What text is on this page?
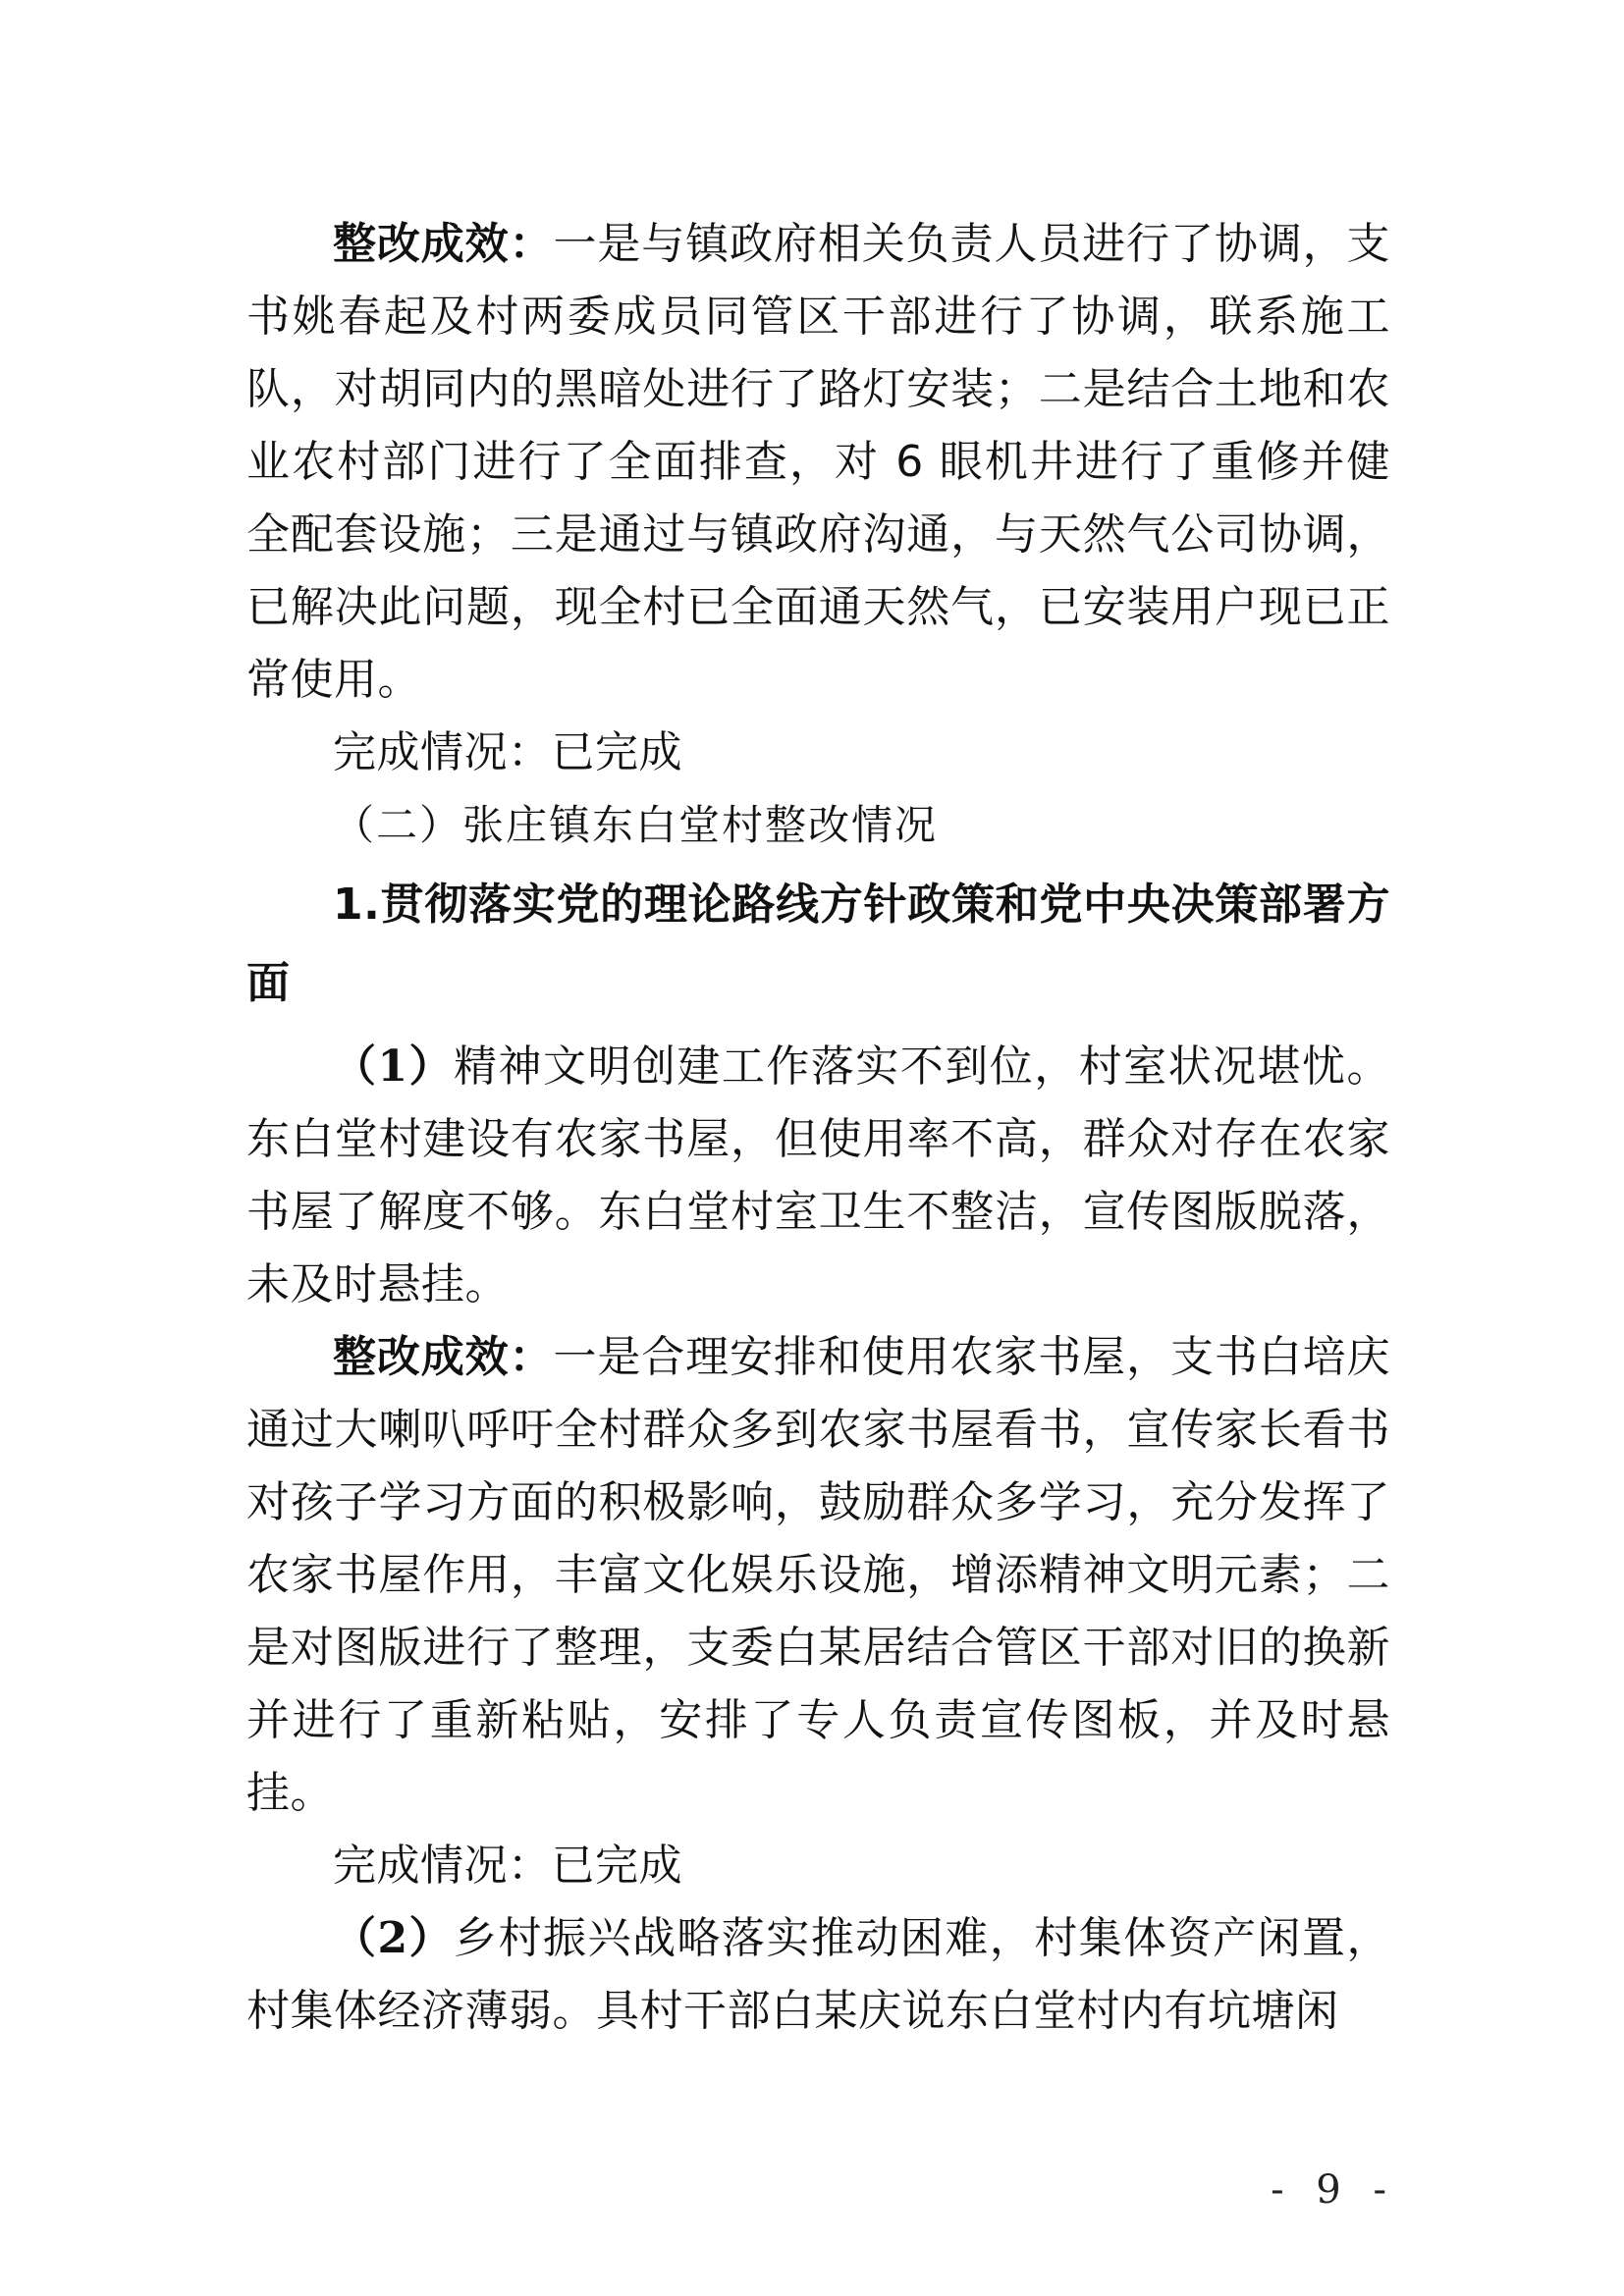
整改成效：一是与镇政府相关负责人员进行了协调，支书姚春起及村两委成员同管区干部进行了协调，联系施工队，对胡同内的黑暗处进行了路灯安装；二是结合土地和农业农村部门进行了全面排查，对 6 眼机井进行了重修并健全配套设施；三是通过与镇政府沟通，与天然气公司协调，已解决此问题，现全村已全面通天然气，已安装用户现已正常使用。

完成情况：已完成

（二）张庄镇东白堂村整改情况

1.贯彻落实党的理论路线方针政策和党中央决策部署方面

（1）精神文明创建工作落实不到位，村室状况堪忧。东白堂村建设有农家书屋，但使用率不高，群众对存在农家书屋了解度不够。东白堂村室卫生不整洁，宣传图版脱落，未及时悬挂。

整改成效：一是合理安排和使用农家书屋，支书白培庆通过大喇叭呼吁全村群众多到农家书屋看书，宣传家长看书对孩子学习方面的积极影响，鼓励群众多学习，充分发挥了农家书屋作用，丰富文化娱乐设施，增添精神文明元素；二是对图版进行了整理，支委白某居结合管区干部对旧的换新并进行了重新粘贴，安排了专人负责宣传图板，并及时悬挂。

完成情况：已完成

（2）乡村振兴战略落实推动困难，村集体资产闲置，村集体经济薄弱。具村干部白某庆说东白堂村内有坑塘闲

- 9 -
